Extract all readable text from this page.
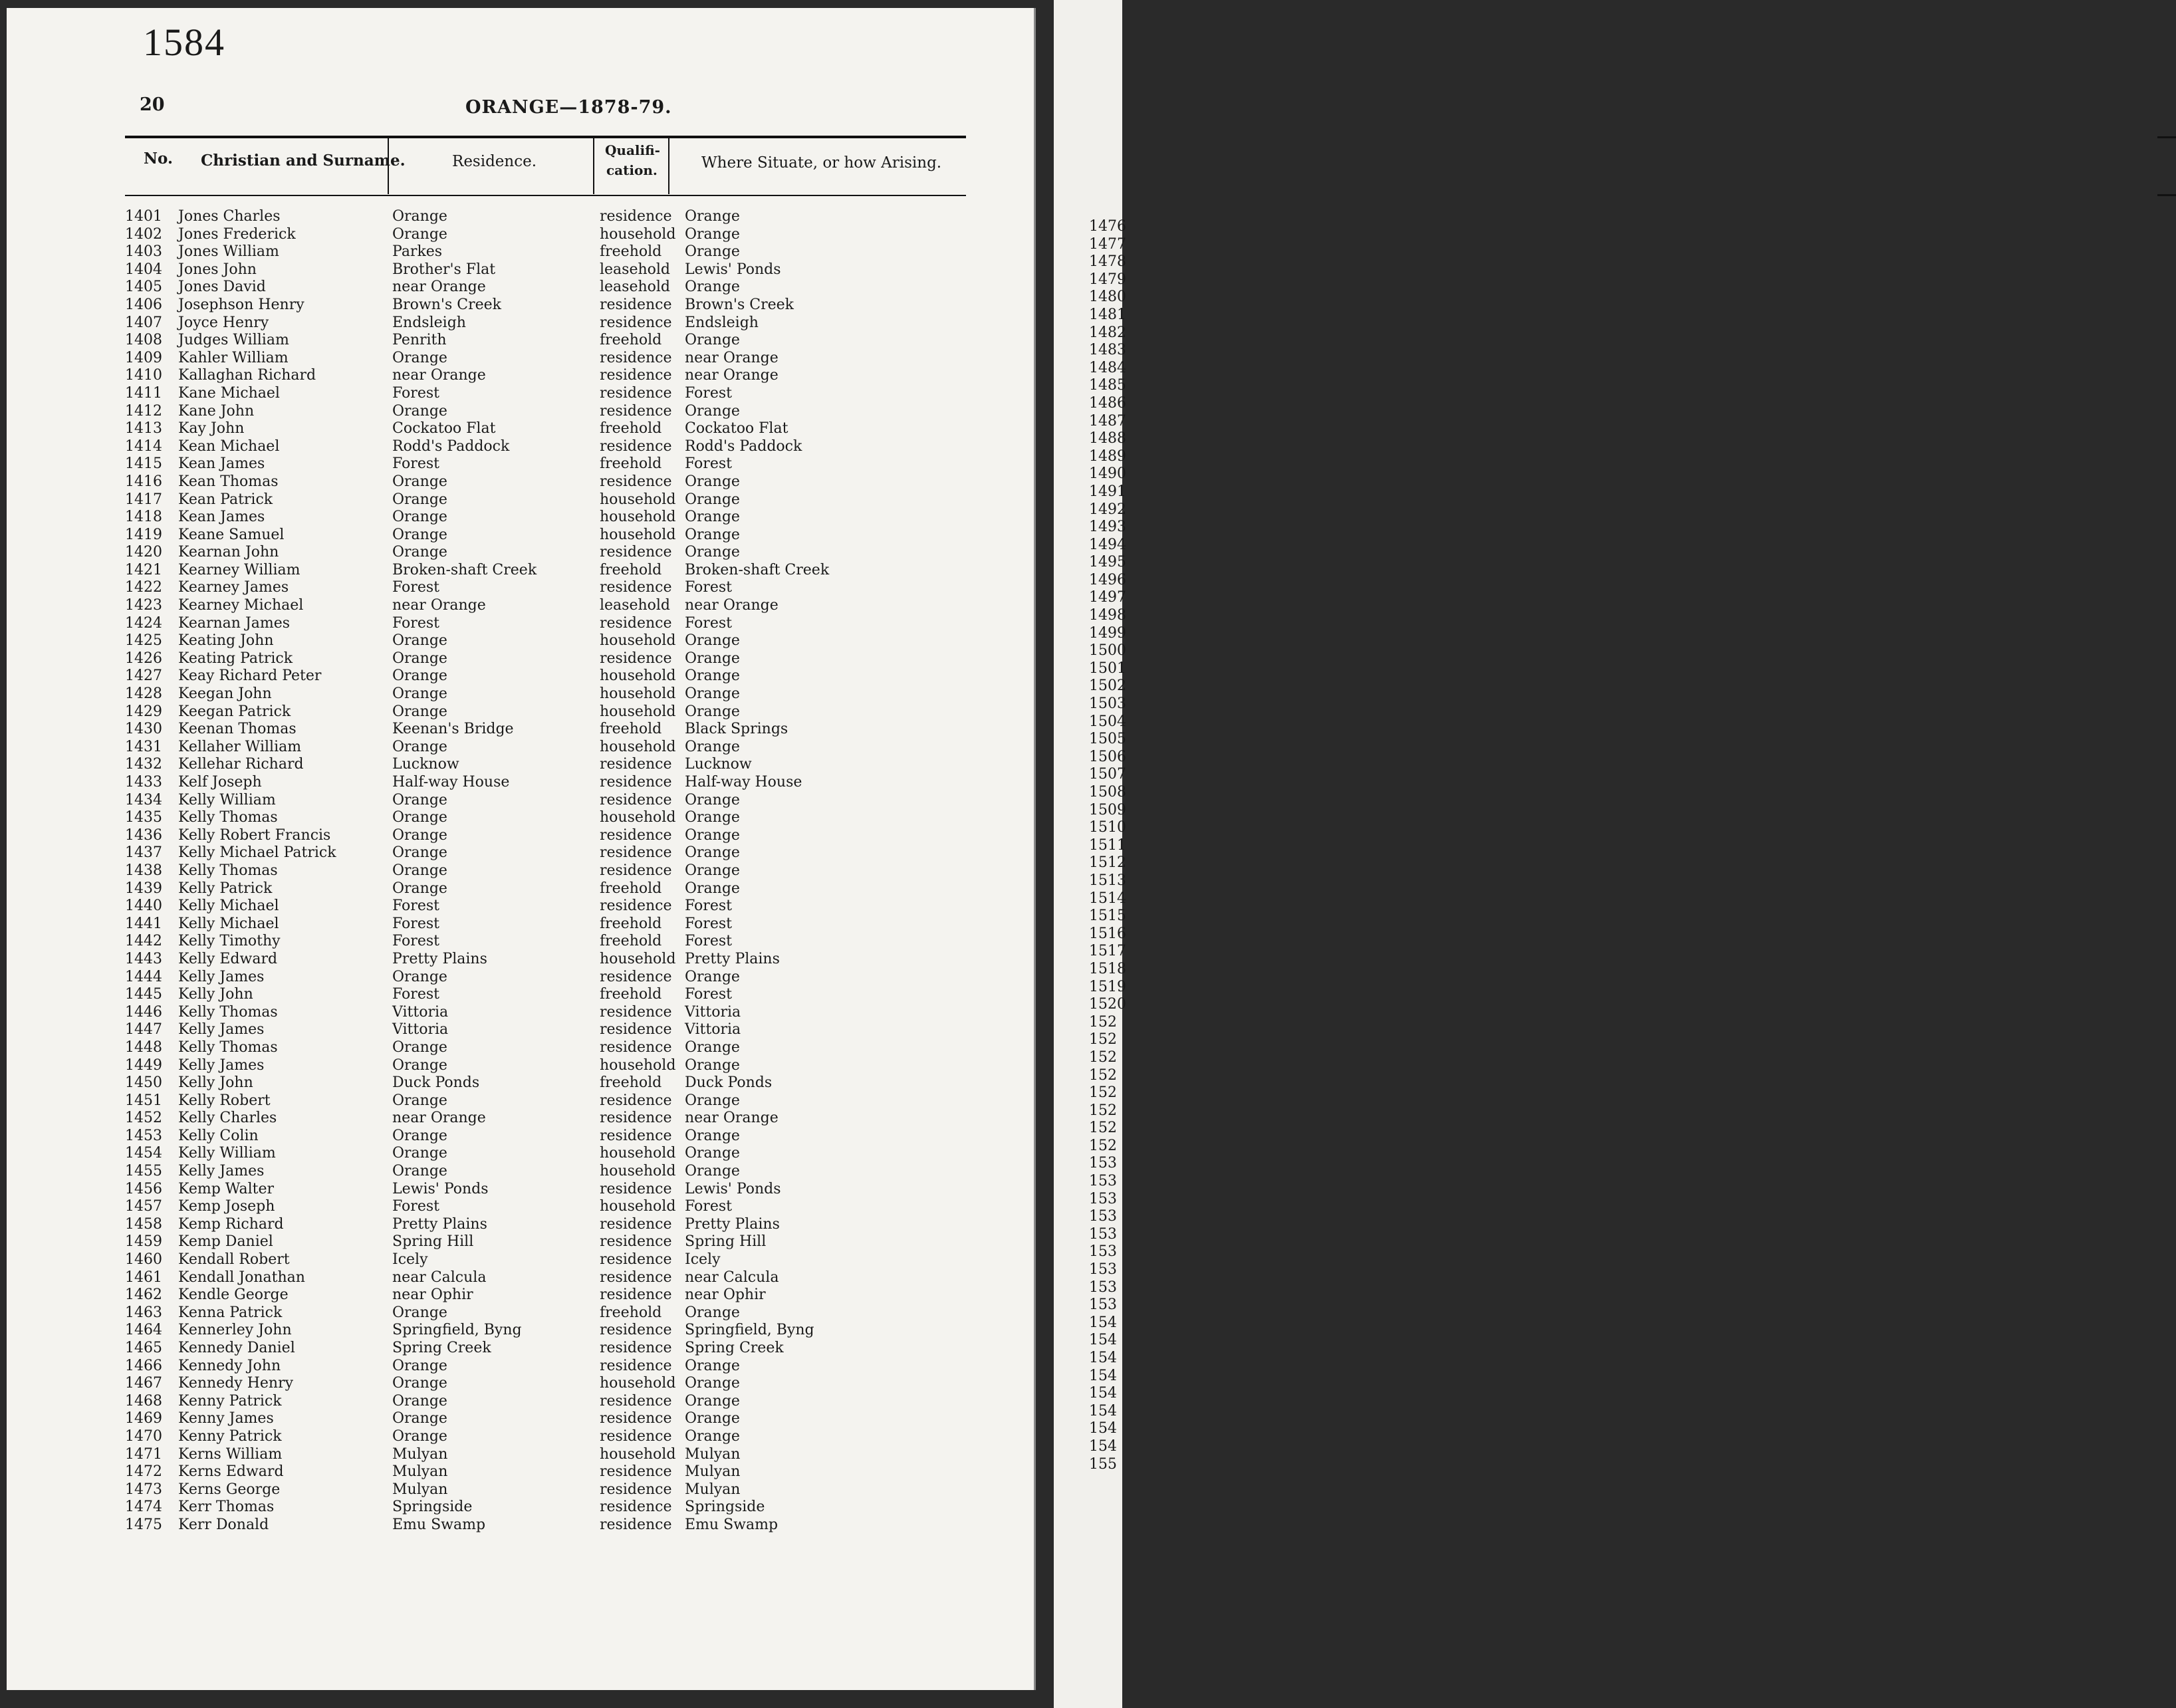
1584
20	ORANGE—1878-79.
No. Christian and Surname.	Residence.
Qualifi-
cation.	Where Situate, or how Arising.
1401 Jones Charles	Orange	residence Orange
1402 Jones Frederick	Orange	household Orange
1403 Jones William	Parkes	freehold Orange
1404 Jones John	Brother's Flat	leasehold Lewis' Ponds
1405 Jones David	near Orange	leasehold Orange
1406 Josephson Henry	Brown's Creek	residence Brown's Creek
1407 Joyce Henry	Endsleigh	residence Endsleigh
1408 Judges William	Penrith	freehold Orange
1409 Kahler William	Orange	residence near Orange
1410 Kallaghan Richard	near Orange	residence near Orange
1411 Kane Michael	Forest	residence Forest
1412 Kane John	Orange	residence Orange
1413 Kay John	Cockatoo Flat	freehold Cockatoo Flat
1414 Kean Michael	Rodd's Paddock	residence Rodd's Paddock
1415 Kean James	Forest	freehold Forest
1416 Kean Thomas	Orange	residence Orange
1417 Kean Patrick	Orange	household Orange
1418 Kean James	Orange	household Orange
1419 Keane Samuel	Orange	household Orange
1420 Kearnan John	Orange	residence Orange
1421 Kearney William	Broken-shaft Creek	freehold Broken-shaft Creek
1422 Kearney James	Forest	residence Forest
1423 Kearney Michael	near Orange	leasehold near Orange
1424 Kearnan James	Forest	residence Forest
1425 Keating John	Orange	household Orange
1426 Keating Patrick	Orange	residence Orange
1427 Keay Richard Peter	Orange	household Orange
1428 Keegan John	Orange	household Orange
1429 Keegan Patrick	Orange	household Orange
1430 Keenan Thomas	Keenan's Bridge	freehold Black Springs
1431 Kellaher William	Orange	household Orange
1432 Kellehar Richard	Lucknow	residence Lucknow
1433 Kelf Joseph	Half-way House	residence Half-way House
1434 Kelly William	Orange	residence Orange
1435 Kelly Thomas	Orange	household Orange
1436 Kelly Robert Francis	Orange	residence Orange
1437 Kelly Michael Patrick	Orange	residence Orange
1438 Kelly Thomas	Orange	residence Orange
1439 Kelly Patrick	Orange	freehold Orange
1440 Kelly Michael	Forest	residence Forest
1441 Kelly Michael	Forest	freehold Forest
1442 Kelly Timothy	Forest	freehold Forest
1443 Kelly Edward	Pretty Plains	household Pretty Plains
1444 Kelly James	Orange	residence Orange
1445 Kelly John	Forest	freehold Forest
1446 Kelly Thomas	Vittoria	residence Vittoria
1447 Kelly James	Vittoria	residence Vittoria
1448 Kelly Thomas	Orange	residence Orange
1449 Kelly James	Orange	household Orange
1450 Kelly John	Duck Ponds	freehold Duck Ponds
1451 Kelly Robert	Orange	residence Orange
1452 Kelly Charles	near Orange	residence near Orange
1453 Kelly Colin	Orange	residence Orange
1454 Kelly William	Orange	household Orange
1455 Kelly James	Orange	household Orange
1456 Kemp Walter	Lewis' Ponds	residence Lewis' Ponds
1457 Kemp Joseph	Forest	household Forest
1458 Kemp Richard	Pretty Plains	residence Pretty Plains
1459 Kemp Daniel	Spring Hill	residence Spring Hill
1460 Kendall Robert	Icely	residence Icely
1461 Kendall Jonathan	near Calcula	residence near Calcula
1462 Kendle George	near Ophir	residence near Ophir
1463 Kenna Patrick	Orange	freehold Orange
1464 Kennerley John	Springfield, Byng	residence Springfield, Byng
1465 Kennedy Daniel	Spring Creek	residence Spring Creek
1466 Kennedy John	Orange	residence Orange
1467 Kennedy Henry	Orange	household Orange
1468 Kenny Patrick	Orange	residence Orange
1469 Kenny James	Orange	residence Orange
1470 Kenny Patrick	Orange	residence Orange
1471 Kerns William	Mulyan	household Mulyan
1472 Kerns Edward	Mulyan	residence Mulyan
1473 Kerns George	Mulyan	residence Mulyan
1474 Kerr Thomas	Springside	residence Springside
1475 Kerr Donald	Emu Swamp	residence Emu Swamp
1476
1477
1478
1479
1480
1481
1482
1483
1484
1485
1486
1487
1488
1489
1490
1491
1492
1493
1494
1495
1496
1497
1498
1499
1500
1501
1502
1503
1504
1505
1506
1507
1508
1509
1510
1511
1512
1513
1514
1515
1516
1517
1518
1519
1520
152
152
152
152
152
152
152
152
153
153
153
153
153
153
153
153
153
154
154
154
154
154
154
154
154
155
